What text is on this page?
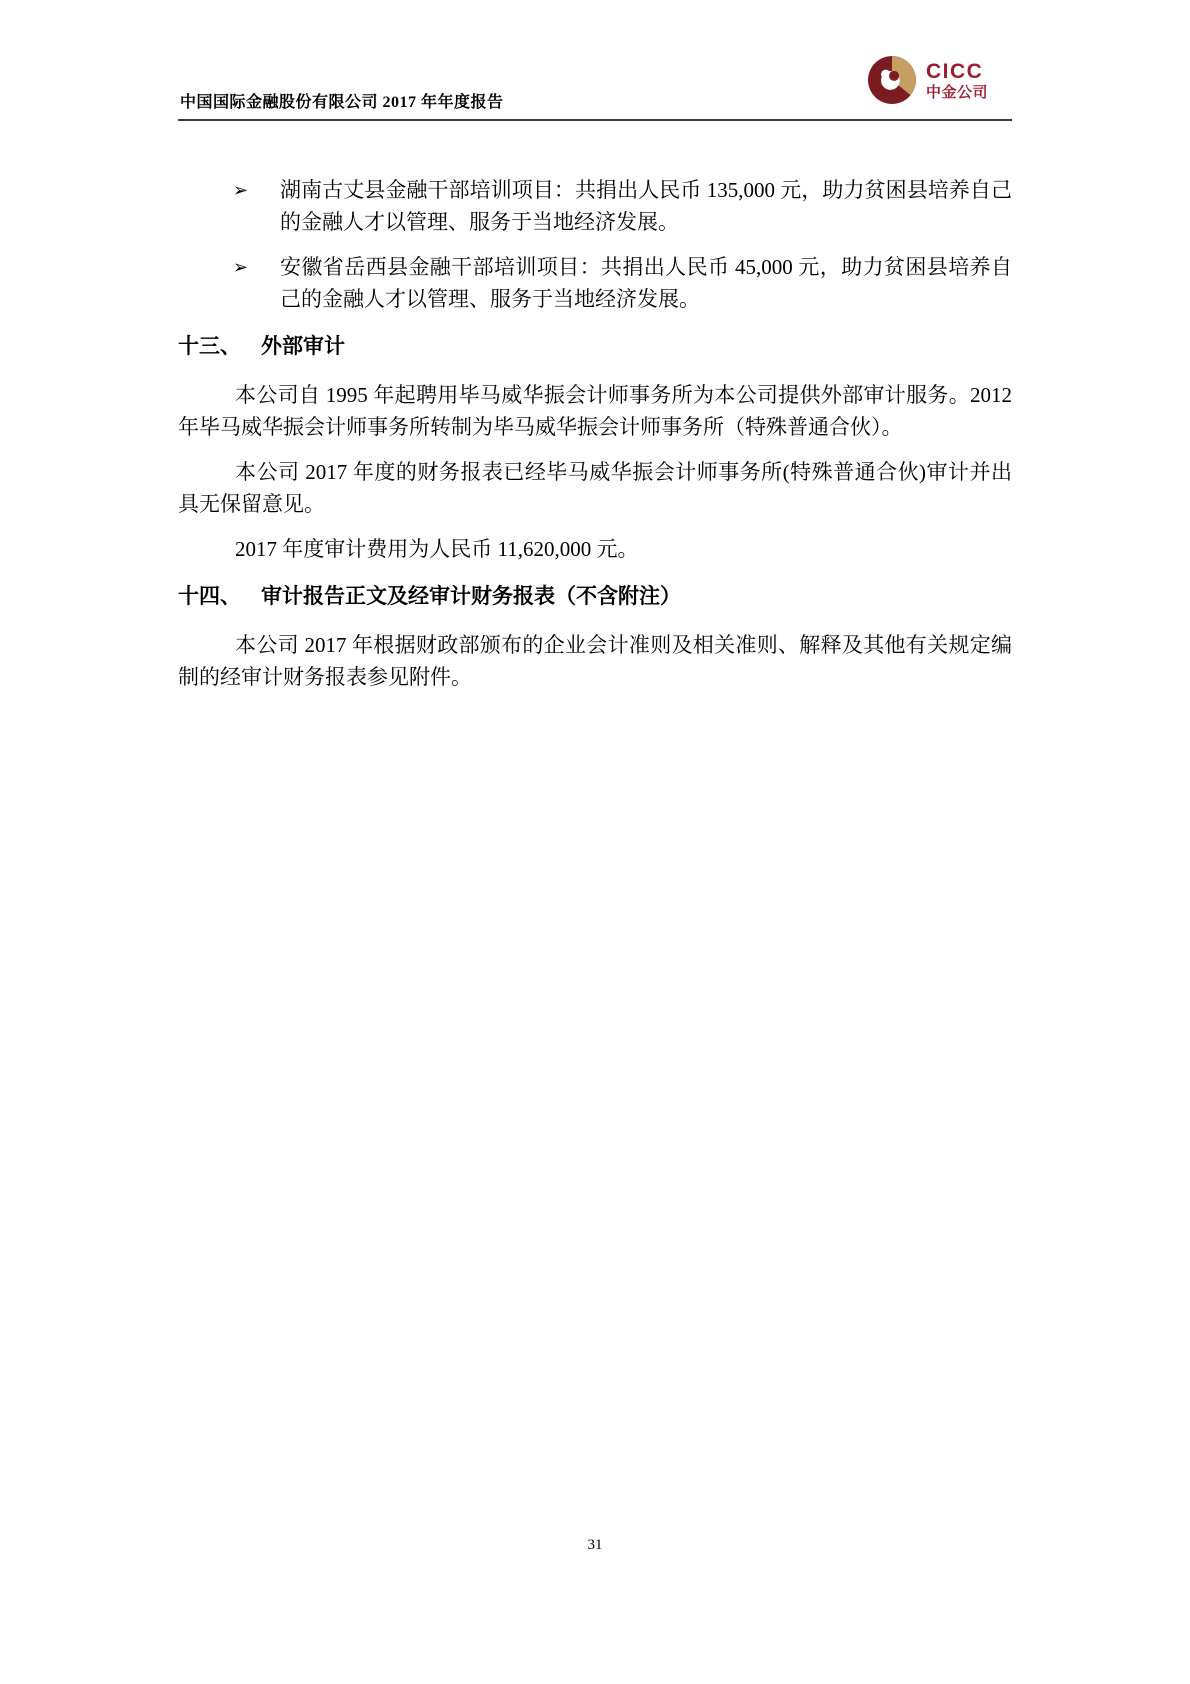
中国国际金融股份有限公司 2017 年年度报告
CICC
中金公司
➢ 湖南古丈县金融干部培训项目：共捐出人民币 135,000 元，助力贫困县培养自己的金融人才以管理、服务于当地经济发展。
➢ 安徽省岳西县金融干部培训项目：共捐出人民币 45,000 元，助力贫困县培养自己的金融人才以管理、服务于当地经济发展。
十三、 外部审计

本公司自 1995 年起聘用毕马威华振会计师事务所为本公司提供外部审计服务。2012 年毕马威华振会计师事务所转制为毕马威华振会计师事务所（特殊普通合伙）。

本公司 2017 年度的财务报表已经毕马威华振会计师事务所(特殊普通合伙)审计并出具无保留意见。

2017 年度审计费用为人民币 11,620,000 元。

十四、 审计报告正文及经审计财务报表（不含附注）

本公司 2017 年根据财政部颁布的企业会计准则及相关准则、解释及其他有关规定编制的经审计财务报表参见附件。

31
